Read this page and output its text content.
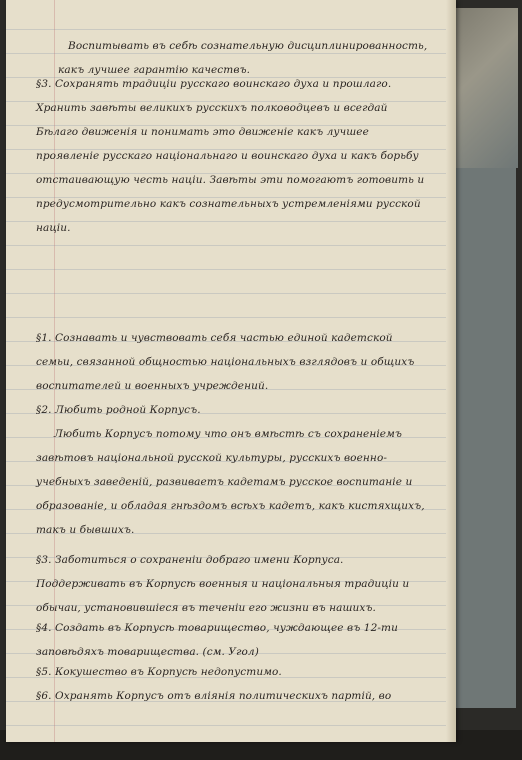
Воспитывать въ себѣ сознательную дисциплинированность, какъ лучшее гарантію качествъ.

§3. Сохранять традиціи русскаго воинскаго духа и прошлаго. Хранить завѣты великихъ русскихъ полководцевъ и всегдай Бѣлаго движенія и понимать это движеніе какъ лучшее проявленіе русскаго національнаго и воинскаго духа и какъ борьбу отстаивающую честь націи. Завѣты эти помогаютъ готовить и предусмотрительно какъ сознательныхъ устремленіями русской націи.

§1. Сознавать и чувствовать себя частью единой кадетской семьи, связанной общностью національныхъ взглядовъ и общихъ воспитателей и военныхъ учреждений.

§2. Любить родной Корпусъ.

Любить Корпусъ потому что онъ вмѣстѣ съ сохраненіемъ завѣтовъ національной русской культуры, русскихъ военно-учебныхъ заведеній, развиваетъ кадетамъ русское воспитаніе и образованіе, и обладая гнѣздомъ всѣхъ кадетъ, какъ кистяхщихъ, такъ и бывшихъ.

§3. Заботиться о сохраненіи добраго имени Корпуса. Поддерживать въ Корпусѣ военныя и національныя традиціи и обычаи, установившіеся въ теченіи его жизни въ нашихъ.

§4. Создать въ Корпусѣ товарищество, чуждающее въ 12-ти заповѣдяхъ товарищества. (см. Угол)

§5. Кокушество въ Корпусѣ недопустимо.

§6. Охранять Корпусъ отъ вліянія политическихъ партій, во
